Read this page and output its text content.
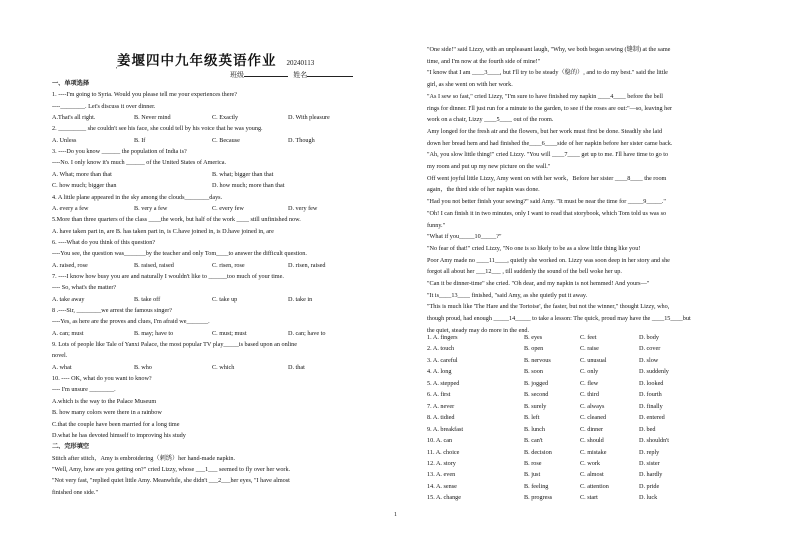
姜堰四中九年级英语作业 20240113
'
班级	姓名
一、单项选择
1. ----I'm going to Syria. Would you please tell me your experiences there?
----________. Let's discuss it over dinner.
A.That's all right.	B. Never mind	C. Exactly	D. With pleasure
2. _________ she couldn't see his face, she could tell by his voice that he was young.
A. Unless	B. If	C. Because	D. Though
3. ----Do you know ______ the population of India is?
----No. I only know it's much ______ of the United States of America.
A. What; more than that	B. what; bigger than that
C. how much; bigger than	D. how much; more than that
4. A little plane appeared in the sky among the clouds________days.
A. every a few	B. very a few	C. every few	D. very few
5.More than three quarters of the class ____the work, but half of the work ____ still unfinished now.
A. have taken part in, are B. has taken part in, is C.have joined in, is D.have joined in, are
6. ----What do you think of this question?
----You see, the question was_______by the teacher and only Tom____to answer the difficult question.
A. raised, rose	B. raised, raised	C. risen, rose	D. risen, raised
7. ----I know how busy you are and naturally I wouldn't like to ______too much of your time.
---- So, what's the matter?
A. take away	B. take off	C. take up	D. take in
8 .----Sir, ________we arrest the famous singer?
----Yes, as here are the proves and clues, I'm afraid we_______.
A. can; must	B. may; have to	C. must; must	D. can; have to
9. Lots of people like Tale of Yanxi Palace, the most popular TV play_____is based upon an online
novel.
A. what	B. who	C. which	D. that
10. ---- OK, what do you want to know?
---- I'm unsure ________.
A.which is the way to the Palace Museum
B. how many colors were there in a rainbow
C.that the couple have been married for a long time
D.what he has devoted himself to improving his study
二、完形填空
Stitch after stitch，Amy is embroidering（刺绣）her hand-made napkin.
"Well, Amy, how are you getting on?" cried Lizzy, whose ___1___ seemed to fly over her work.
"Not very fast, "replied quiet little Amy. Meanwhile, she didn't ___2___her eyes, "I have almost
finished one side."
"One side!" said Lizzy, with an unpleasant laugh, "Why, we both began sewing (缝制) at the same
time, and I'm now at the fourth side of mine!"
"I know that I am ____3____, but I'll try to be steady（稳的）, and to do my best." said the little
girl, as she went on with her work.
"As I sew so fast," cried Lizzy, "I'm sure to have finished my napkin ____4____ before the bell
rings for dinner. I'll just run for a minute to the garden, to see if the roses are out:"—so, leaving her
work on a chair, Lizzy ____5____ out of the room.
Amy longed for the fresh air and the flowers, but her work must first be done. Steadily she laid
down her bread hem and had finished the____6____side of her napkin before her sister came back.
"Ah, you slow little thing!" cried Lizzy. "You will ____7____ get up to me. I'll have time to go to
my room and put up my new picture on the wall."
Off went joyful little Lizzy, Amy went on with her work，Before her sister ____8____ the room
again，the third side of her napkin was done.
"Had you not better finish your sewing?" said Amy. "It must be near the time for _____9_____."
"Oh! I can finish it in two minutes, only I want to read that storybook, which Tom told us was so
funny."
"What if you_____10_____?"
"No fear of that!" cried Lizzy, "No one is so likely to be as a slow little thing like you!
Poor Amy made no ____11____, quietly she worked on. Lizzy was soon deep in her story and she
forgot all about her ___12___ , till suddenly the sound of the bell woke her up.
"Can it be dinner-time" she cried. "Oh dear, and my napkin is not hemmed! And yours—"
"It is____13____ finished, "said Amy, as she quietly put it away.
"This is much like 'The Hare and the Tortoise', the faster, but not the winner," thought Lizzy, who,
though proud, had enough _____14_____ to take a lesson: The quick, proud may have the ____15____but
the quiet, steady may do more in the end.
1. A. fingers	B. eyes	C. feet	D. body
2. A. touch	B. open	C. raise	D. cover
3. A. careful	B. nervous	C. unusual	D. slow
4. A. long	B. soon	C. only	D. suddenly
5. A. stepped	B. jogged	C. flew	D. looked
6. A. first	B. second	C. third	D. fourth
7. A. never	B. surely	C. always	D. finally
8. A. tidied	B. left	C. cleaned	D. entered
9. A. breakfast	B. lunch	C. dinner	D. bed
10. A. can	B. can't	C. should	D. shouldn't
11. A. choice	B. decision	C. mistake	D. reply
12. A. story	B. rose	C. work	D. sister
13. A. even	B. just	C. almost	D. hardly
14. A. sense	B. feeling	C. attention	D. pride
15. A. change	B. progress	C. start	D. luck
1
